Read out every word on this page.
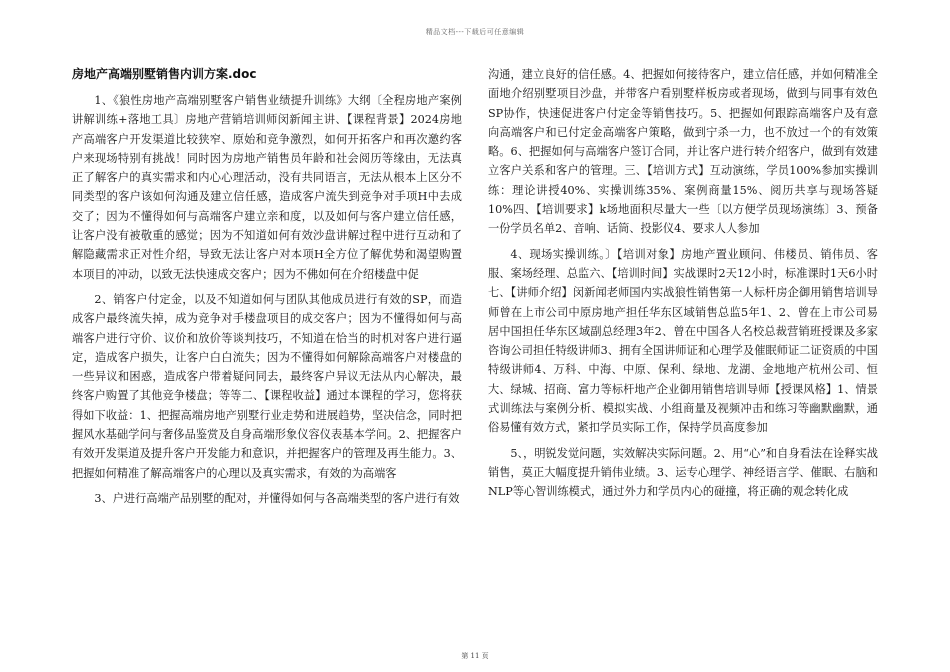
精品文档---下载后可任意编辑
房地产高端别墅销售内训方案.doc

1、《狼性房地产高端别墅客户销售业绩提升训练》大纲〔全程房地产案例讲解训练+落地工具〕房地产营销培训师闵新闻主讲、【课程背景】2024房地产高端客户开发渠道比较狭窄、原始和竞争激烈，如何开拓客户和再次邀约客户来现场特别有挑战！同时因为房地产销售员年龄和社会阅历等缘由，无法真正了解客户的真实需求和内心心理活动，没有共同语言，无法从根本上区分不同类型的客户该如何沟通及建立信任感，造成客户流失到竞争对手项H中去成交了；因为不懂得如何与高端客户建立亲和度，以及如何与客户建立信任感，让客户没有被敬重的感觉；因为不知道如何有效沙盘讲解过程中进行互动和了解隐藏需求正对性介绍，导致无法让客户对本项H全方位了解优势和渴望购置本项目的冲动，以致无法快速成交客户；因为不佛如何在介绍楼盘中促

2、销客户付定金，以及不知道如何与团队其他成员进行有效的SP，而造成客户最终流失掉，成为竞争对手楼盘项目的成交客户；因为不懂得如何与高端客户进行守价、议价和放价等谈判技巧，不知道在恰当的时机对客户进行逼定，造成客户损失，让客户白白流失；因为不懂得如何解除高端客户对楼盘的一些异议和困惑，造成客户带着疑问同去，最终客户异议无法从内心解决，最终客户购置了其他竞争楼盘；等等二、【课程收益】通过本课程的学习，您将获得如下收益：1、把握高端房地产别墅行业走势和进展趋势，坚决信念，同时把握风水基础学问与奢侈品鉴赏及自身高端形象仪容仪表基本学问。2、把握客户有效开发渠道及提升客户开发能力和意识，并把握客户的管理及再生能力。3、把握如何精准了解高端客户的心理以及真实需求，有效的为高端客

3、户进行高端产品别墅的配对，并懂得如何与各高端类型的客户进行有效

沟通，建立良好的信任感。4、把握如何接待客户，建立信任感，并如何精准全面地介绍别墅项目沙盘，并带客户看别墅样板房或者现场，做到与同事有效色SP协作，快速促进客户付定金等销售技巧。5、把握如何跟踪高端客户及有意向高端客户和已付定金高端客户策略，做到宁杀一力，也不放过一个的有效策略。6、把握如何与高端客户签订合同，并让客户进行转介绍客户，做到有效建立客户关系和客户的管理。三、【培训方式】互动演练，学员100%参加实操训练：理论讲授40%、实操训练35%、案例商量15%、阅历共享与现场答疑10%四、【培训要求】k场地面积尽量大一些〔以方便学员现场演练〕3、预备一份学员名单2、音响、话筒、投影仪4、要求人人参加

4、现场实操训练。〕【培训对象】房地产置业顾问、伟楼员、销伟员、客服、案场经理、总监六、【培训时间】实战课时2天12小时，标准课时1天6小时七、【讲师介绍】闵新闻老师国内实战狼性销售第一人标杆房企御用销售培训导师曾在上市公司中原房地产担任华东区域销售总监5年1、2、曾在上市公司易居中国担任华东区域副总经理3年2、曾在中国各人名校总裁营销班授课及多家咨询公司担任特级讲师3、拥有全国讲师证和心理学及催眠师证二证资质的中国特级讲师4、万科、中海、中原、保利、绿地、龙湖、金地地产杭州公司、恒大、绿城、招商、富力等标杆地产企业御用销售培训导师【授课风格】1、情景式训练法与案例分析、模拟实战、小组商量及视频冲击和练习等幽默幽默，通俗易懂有效方式，紧扣学员实际工作，保持学员高度参加

5、，明锐发觉问题，实效解决实际问题。2、用“心”和自身看法在诠释实战销售，莫正大幅度提升销伟业绩。3、运专心理学、神经语言学、催眠、右脑和NLP等心智训练模式，通过外力和学员内心的碰撞，将正确的观念转化成

第 11 页
